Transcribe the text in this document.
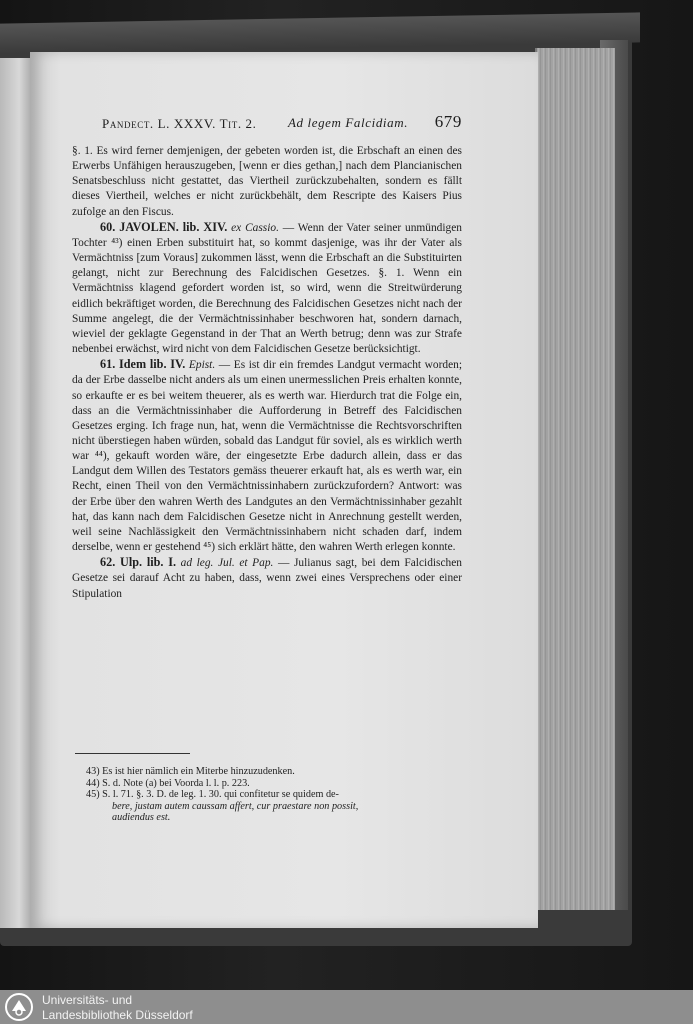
Pandect. L. XXXV. Tit. 2. Ad legem Falcidiam. 679

§. 1. Es wird ferner demjenigen, der gebeten worden ist, die Erbschaft an einen des Erwerbs Unfähigen herauszugeben, [wenn er dies gethan,] nach dem Plancianischen Senatsbeschluss nicht gestattet, das Viertheil zurückzubehalten, sondern es fällt dieses Viertheil, welches er nicht zurückbehält, dem Rescripte des Kaisers Pius zufolge an den Fiscus.

60. JAVOLEN. lib. XIV. ex Cassio. — Wenn der Vater seiner unmündigen Tochter ⁴³) einen Erben substituirt hat, so kommt dasjenige, was ihr der Vater als Vermächtniss [zum Voraus] zukommen lässt, wenn die Erbschaft an die Substituirten gelangt, nicht zur Berechnung des Falcidischen Gesetzes. §. 1. Wenn ein Vermächtniss klagend gefordert worden ist, so wird, wenn die Streitwürderung eidlich bekräftiget worden, die Berechnung des Falcidischen Gesetzes nicht nach der Summe angelegt, die der Vermächtnissinhaber beschworen hat, sondern darnach, wieviel der geklagte Gegenstand in der That an Werth betrug; denn was zur Strafe nebenbei erwächst, wird nicht von dem Falcidischen Gesetze berücksichtigt.

61. Idem lib. IV. Epist. — Es ist dir ein fremdes Landgut vermacht worden; da der Erbe dasselbe nicht anders als um einen unermesslichen Preis erhalten konnte, so erkaufte er es bei weitem theuerer, als es werth war. Hierdurch trat die Folge ein, dass an die Vermächtnissinhaber die Aufforderung in Betreff des Falcidischen Gesetzes erging. Ich frage nun, hat, wenn die Vermächtnisse die Rechtsvorschriften nicht überstiegen haben würden, sobald das Landgut für soviel, als es wirklich werth war ⁴⁴), gekauft worden wäre, der eingesetzte Erbe dadurch allein, dass er das Landgut dem Willen des Testators gemäss theuerer erkauft hat, als es werth war, ein Recht, einen Theil von den Vermächtnissinhabern zurückzufordern? Antwort: was der Erbe über den wahren Werth des Landgutes an den Vermächtnissinhaber gezahlt hat, das kann nach dem Falcidischen Gesetze nicht in Anrechnung gestellt werden, weil seine Nachlässigkeit den Vermächtnissinhabern nicht schaden darf, indem derselbe, wenn er gestehend ⁴⁵) sich erklärt hätte, den wahren Werth erlegen konnte.

62. Ulp. lib. I. ad leg. Jul. et Pap. — Julianus sagt, bei dem Falcidischen Gesetze sei darauf Acht zu haben, dass, wenn zwei eines Versprechens oder einer Stipulation

43) Es ist hier nämlich ein Miterbe hinzuzudenken.
44) S. d. Note (a) bei Voorda l. l. p. 223.
45) S. l. 71. §. 3. D. de leg. 1. 30. qui confitetur se quidem de-
bere, justam autem caussam affert, cur praestare non possit,
audiendus est.
Universitäts- und
Landesbibliothek Düsseldorf
